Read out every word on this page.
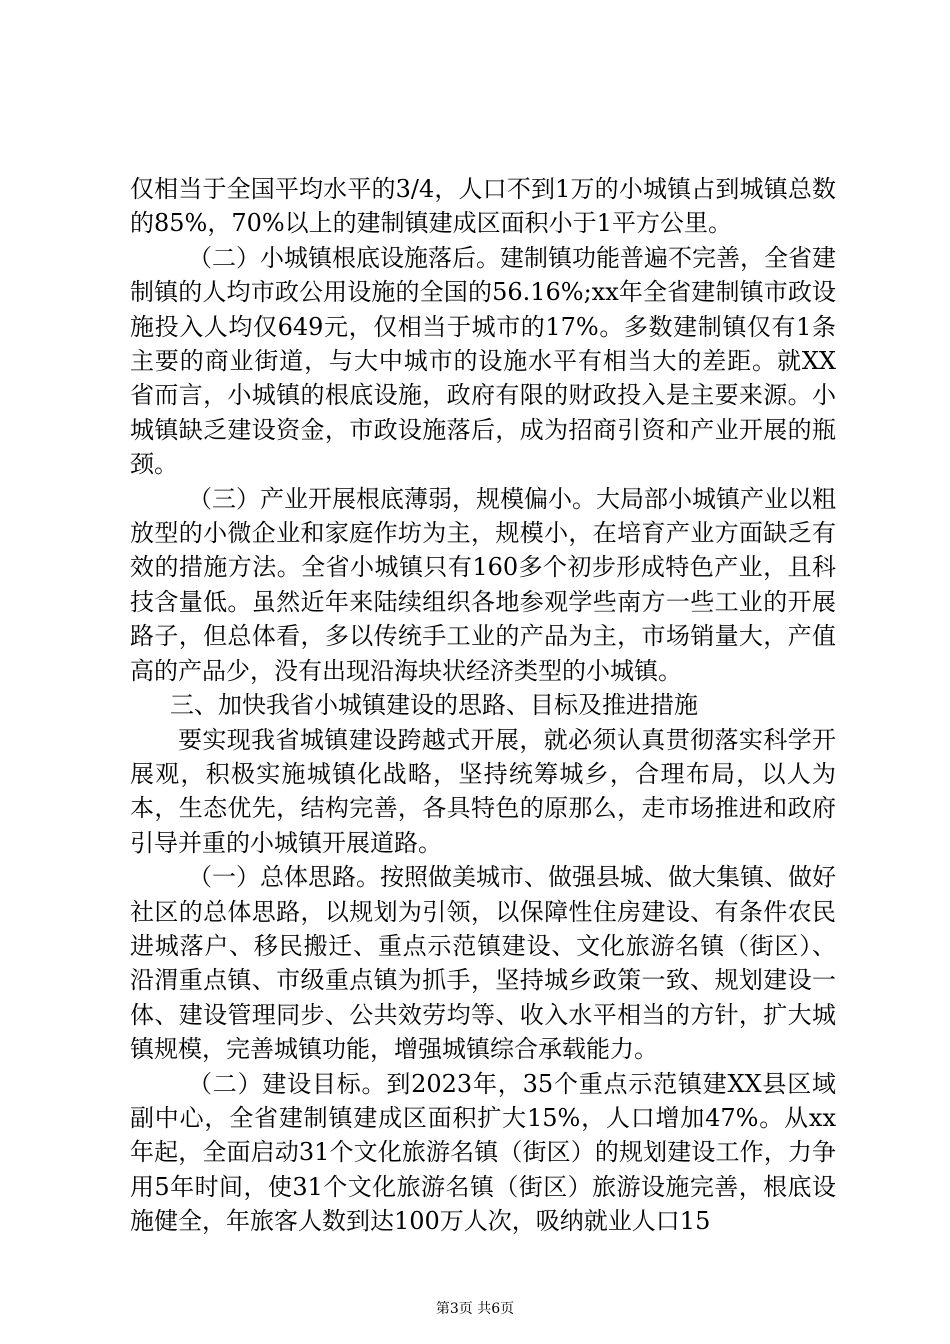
仅相当于全国平均水平的3/4，人口不到1万的小城镇占到城镇总数的85%，70%以上的建制镇建成区面积小于1平方公里。

（二）小城镇根底设施落后。建制镇功能普遍不完善，全省建制镇的人均市政公用设施的全国的56.16%;xx年全省建制镇市政设施投入人均仅649元，仅相当于城市的17%。多数建制镇仅有1条主要的商业街道，与大中城市的设施水平有相当大的差距。就XX省而言，小城镇的根底设施，政府有限的财政投入是主要来源。小城镇缺乏建设资金，市政设施落后，成为招商引资和产业开展的瓶颈。

（三）产业开展根底薄弱，规模偏小。大局部小城镇产业以粗放型的小微企业和家庭作坊为主，规模小，在培育产业方面缺乏有效的措施方法。全省小城镇只有160多个初步形成特色产业，且科技含量低。虽然近年来陆续组织各地参观学些南方一些工业的开展路子，但总体看，多以传统手工业的产品为主，市场销量大，产值高的产品少，没有出现沿海块状经济类型的小城镇。

三、加快我省小城镇建设的思路、目标及推进措施

要实现我省城镇建设跨越式开展，就必须认真贯彻落实科学开展观，积极实施城镇化战略，坚持统筹城乡，合理布局，以人为本，生态优先，结构完善，各具特色的原那么，走市场推进和政府引导并重的小城镇开展道路。

（一）总体思路。按照做美城市、做强县城、做大集镇、做好社区的总体思路，以规划为引领，以保障性住房建设、有条件农民进城落户、移民搬迁、重点示范镇建设、文化旅游名镇（街区）、沿渭重点镇、市级重点镇为抓手，坚持城乡政策一致、规划建设一体、建设管理同步、公共效劳均等、收入水平相当的方针，扩大城镇规模，完善城镇功能，增强城镇综合承载能力。

（二）建设目标。到2023年，35个重点示范镇建XX县区域副中心，全省建制镇建成区面积扩大15%，人口增加47%。从xx年起，全面启动31个文化旅游名镇（街区）的规划建设工作，力争用5年时间，使31个文化旅游名镇（街区）旅游设施完善，根底设施健全，年旅客人数到达100万人次，吸纳就业人口15

第3页 共6页
